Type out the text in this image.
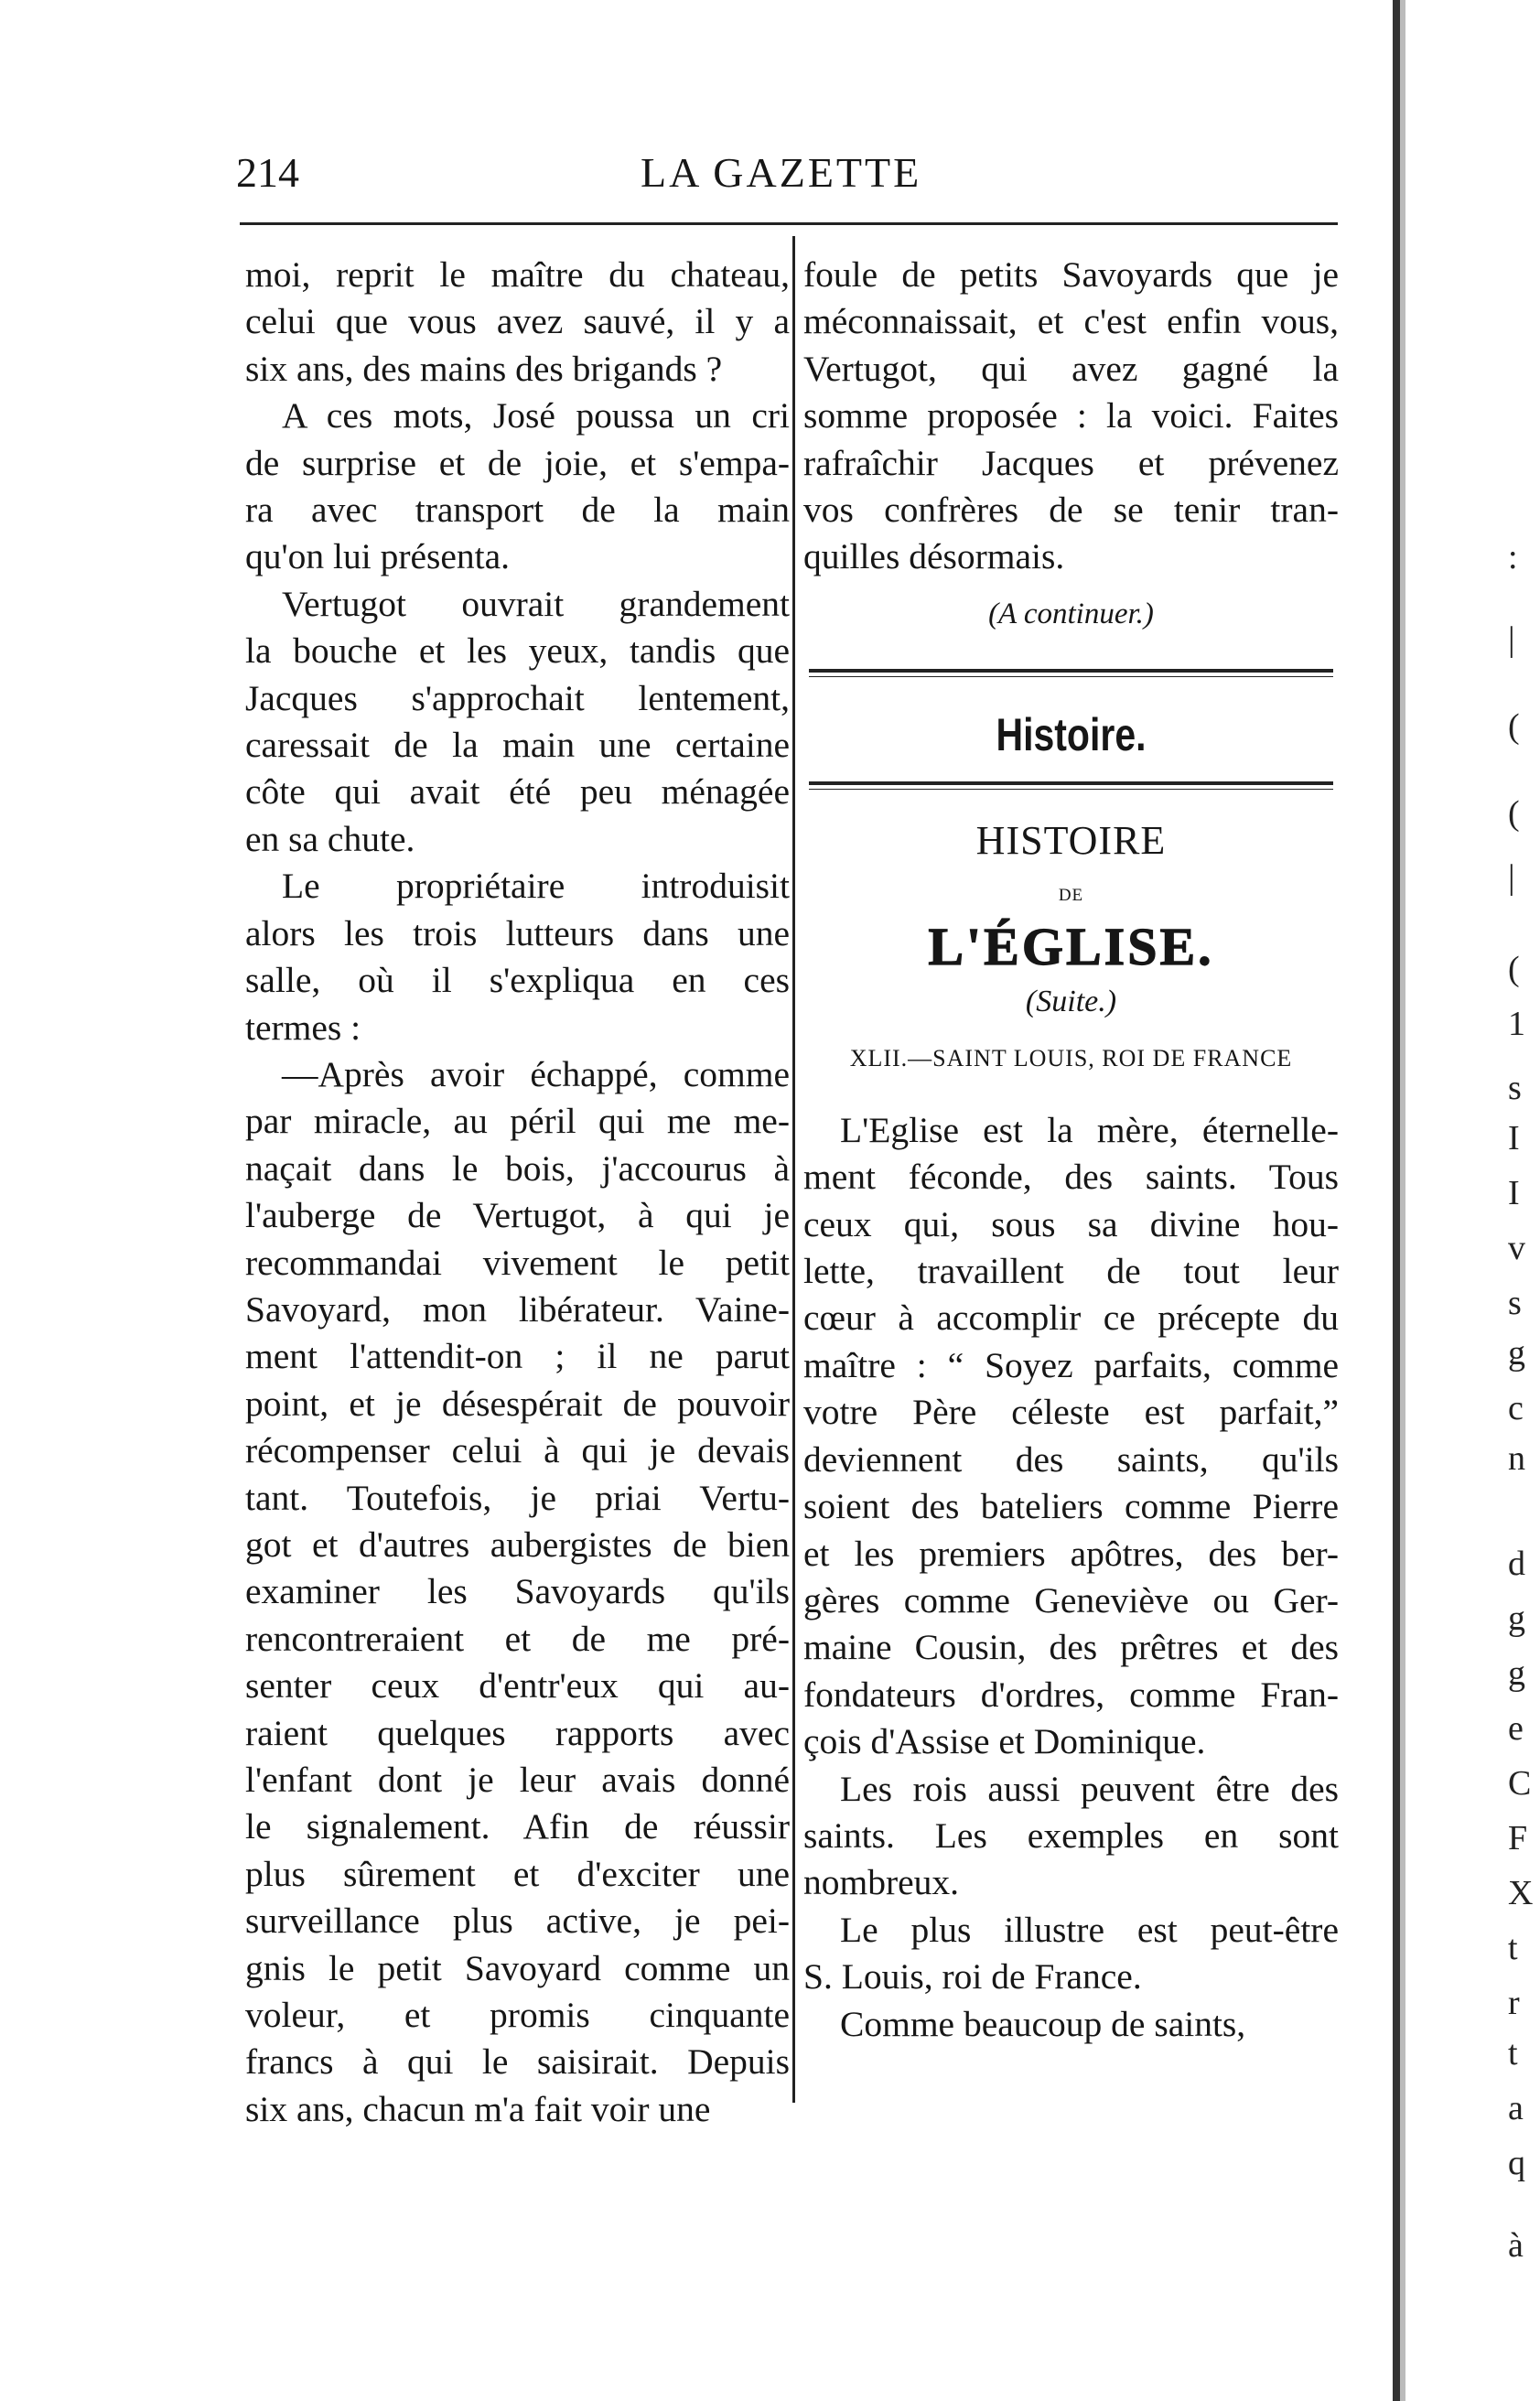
214	LA GAZETTE
moi, reprit le maître du chateau,
celui que vous avez sauvé, il y a
six ans, des mains des brigands ?
A ces mots, José poussa un cri
de surprise et de joie, et s'empa-
ra avec transport de la main
qu'on lui présenta.
Vertugot ouvrait grandement
la bouche et les yeux, tandis que
Jacques s'approchait lentement,
caressait de la main une certaine
côte qui avait été peu ménagée
en sa chute.
Le propriétaire introduisit
alors les trois lutteurs dans une
salle, où il s'expliqua en ces
termes :
—Après avoir échappé, comme
par miracle, au péril qui me me-
naçait dans le bois, j'accourus à
l'auberge de Vertugot, à qui je
recommandai vivement le petit
Savoyard, mon libérateur. Vaine-
ment l'attendit-on ; il ne parut
point, et je désespérait de pouvoir
récompenser celui à qui je devais
tant. Toutefois, je priai Vertu-
got et d'autres aubergistes de bien
examiner les Savoyards qu'ils
rencontreraient et de me pré-
senter ceux d'entr'eux qui au-
raient quelques rapports avec
l'enfant dont je leur avais donné
le signalement. Afin de réussir
plus sûrement et d'exciter une
surveillance plus active, je pei-
gnis le petit Savoyard comme un
voleur, et promis cinquante
francs à qui le saisirait. Depuis
six ans, chacun m'a fait voir une
foule de petits Savoyards que je
méconnaissait, et c'est enfin vous,
Vertugot, qui avez gagné la
somme proposée : la voici. Faites
rafraîchir Jacques et prévenez
vos confrères de se tenir tran-
quilles désormais.
(A continuer.)
Histoire.
HISTOIRE
DE
L'ÉGLISE.
(Suite.)
XLII.—SAINT LOUIS, ROI DE FRANCE
L'Eglise est la mère, éternelle-
ment féconde, des saints. Tous
ceux qui, sous sa divine hou-
lette, travaillent de tout leur
cœur à accomplir ce précepte du
maître : “ Soyez parfaits, comme
votre Père céleste est parfait,”
deviennent des saints, qu'ils
soient des bateliers comme Pierre
et les premiers apôtres, des ber-
gères comme Geneviève ou Ger-
maine Cousin, des prêtres et des
fondateurs d'ordres, comme Fran-
çois d'Assise et Dominique.
Les rois aussi peuvent être des
saints. Les exemples en sont
nombreux.
Le plus illustre est peut-être
S. Louis, roi de France.
Comme beaucoup de saints,
:
|
(
(
|
(
1
s
I
I
v
s
g
c
n
d
g
g
e
C
F
X
t
r
t
a
q
à
